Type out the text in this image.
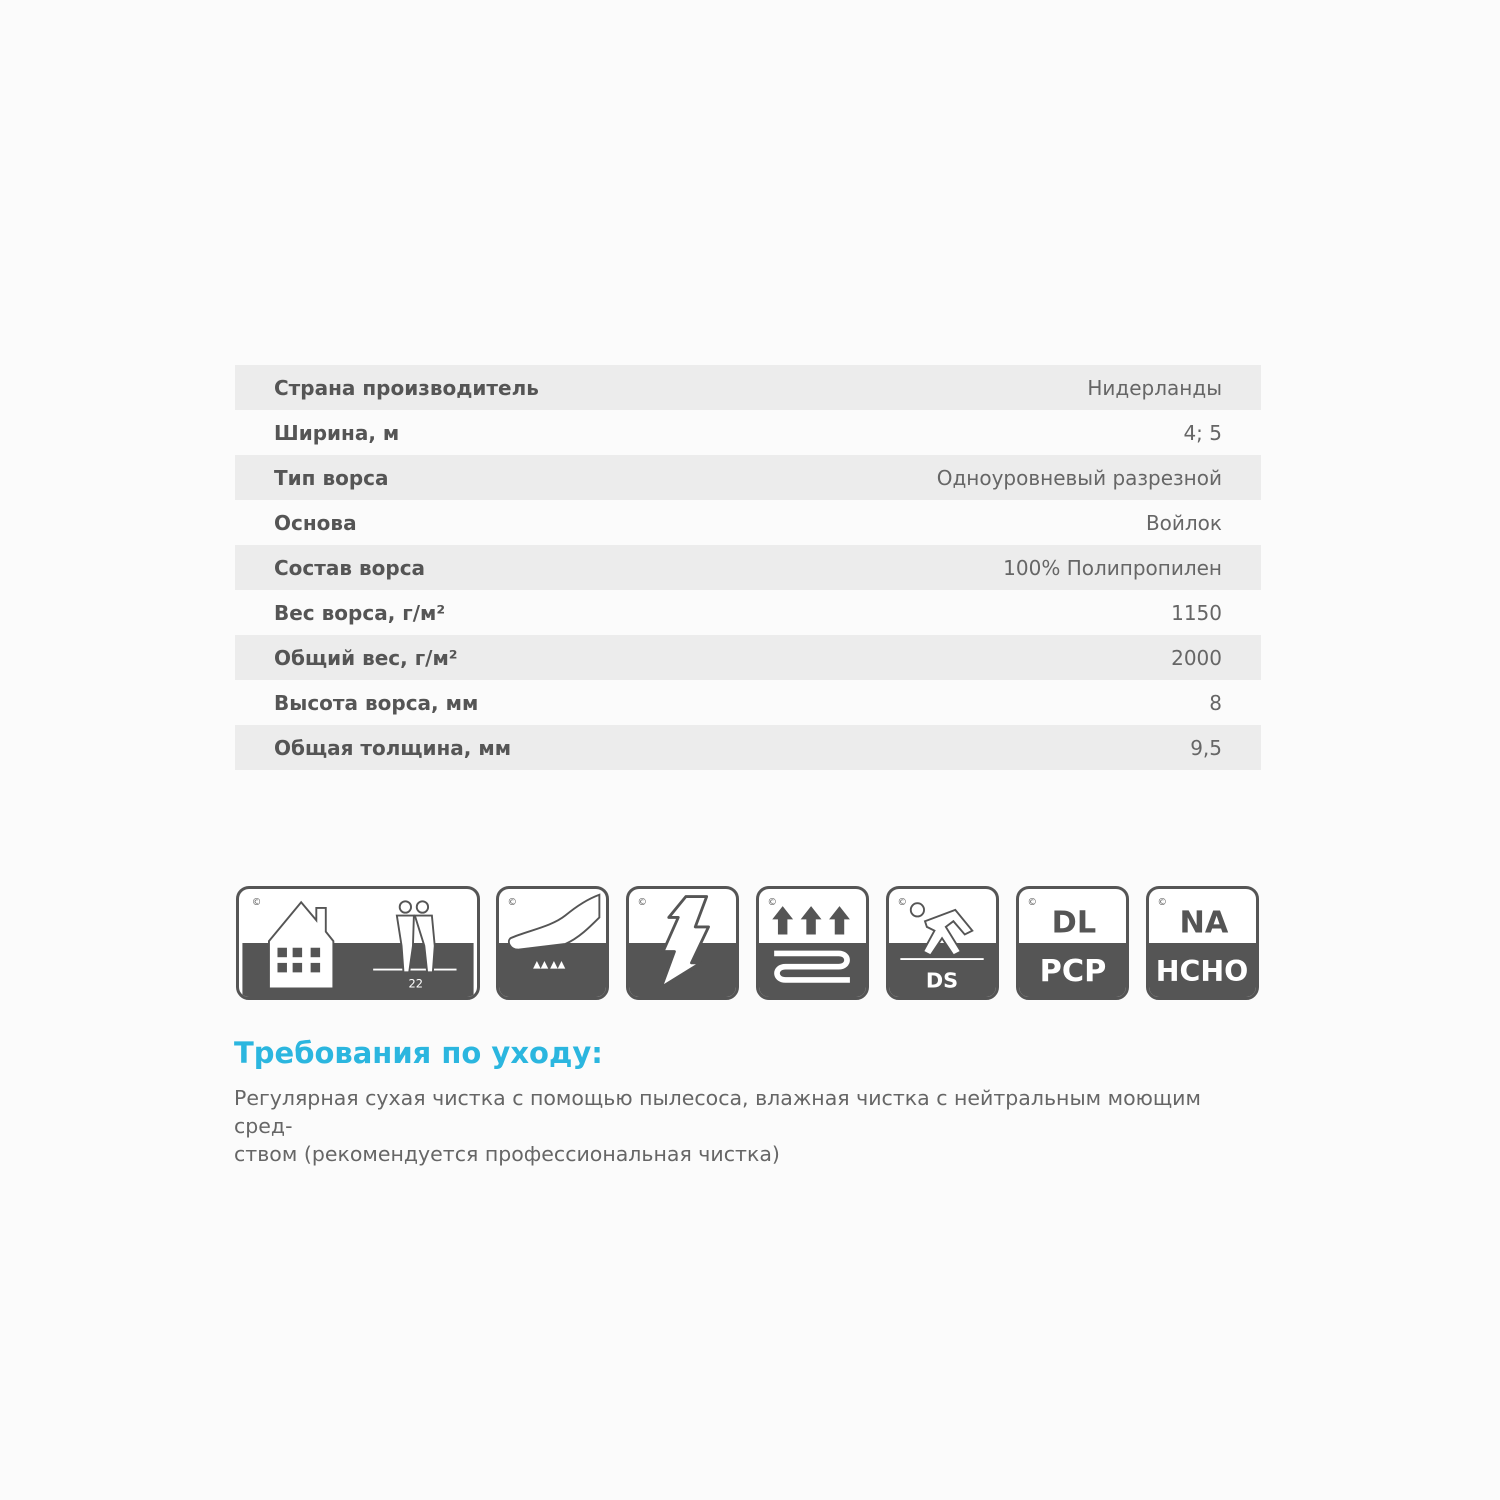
Страна производитель	Нидерланды
Ширина, м	4; 5
Тип ворса	Одноуровневый разрезной
Основа	Войлок
Состав ворса	100% Полипропилен
Вес ворса, г/м²	1150
Общий вес, г/м²	2000
Высота ворса, мм	8
Общая толщина, мм	9,5
©
22
©	©	©	©
DS
©
DL
PCP
©
NA
HCHO
Требования по уходу:
Регулярная сухая чистка с помощью пылесоса, влажная чистка с нейтральным моющим сред-
ством (рекомендуется профессиональная чистка)
